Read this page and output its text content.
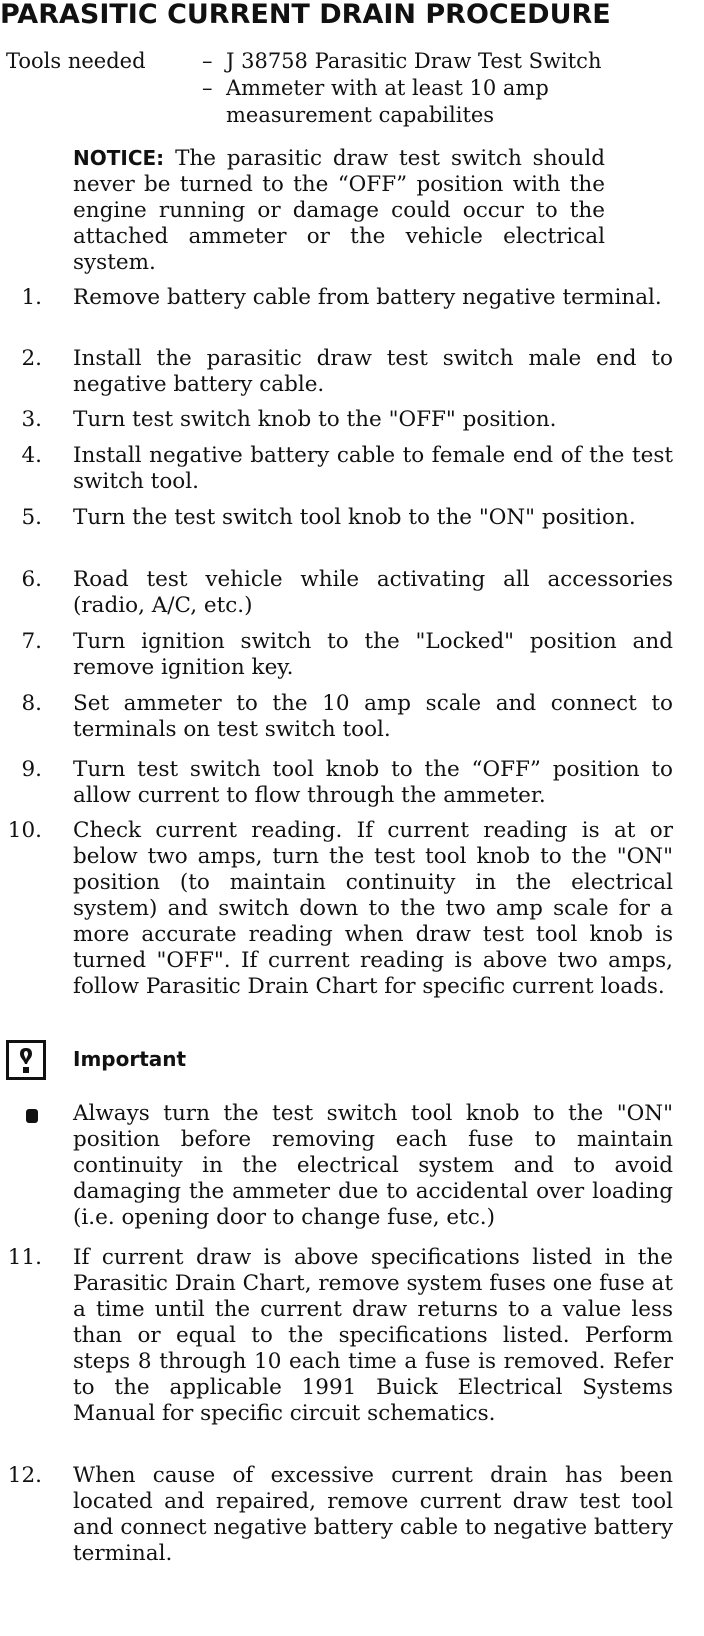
PARASITIC CURRENT DRAIN PROCEDURE
Tools needed	– J 38758 Parasitic Draw Test Switch
– Ammeter with at least 10 amp
measurement capabilites
NOTICE: The parasitic draw test switch should never be turned to the “OFF” position with the engine running or damage could occur to the attached ammeter or the vehicle electrical system.
1. Remove battery cable from battery negative terminal.
2. Install the parasitic draw test switch male end to negative battery cable.
3. Turn test switch knob to the "OFF" position.
4. Install negative battery cable to female end of the test switch tool.
5. Turn the test switch tool knob to the "ON" position.
6. Road test vehicle while activating all accessories (radio, A/C, etc.)
7. Turn ignition switch to the "Locked" position and remove ignition key.
8. Set ammeter to the 10 amp scale and connect to terminals on test switch tool.
9. Turn test switch tool knob to the “OFF” position to allow current to flow through the ammeter.
10. Check current reading. If current reading is at or below two amps, turn the test tool knob to the "ON" position (to maintain continuity in the electrical system) and switch down to the two amp scale for a more accurate reading when draw test tool knob is turned "OFF". If current reading is above two amps, follow Parasitic Drain Chart for specific current loads.
Important
Always turn the test switch tool knob to the "ON" position before removing each fuse to maintain continuity in the electrical system and to avoid damaging the ammeter due to accidental over loading (i.e. opening door to change fuse, etc.)
11. If current draw is above specifications listed in the Parasitic Drain Chart, remove system fuses one fuse at a time until the current draw returns to a value less than or equal to the specifications listed. Perform steps 8 through 10 each time a fuse is removed. Refer to the applicable 1991 Buick Electrical Systems Manual for specific circuit schematics.
12. When cause of excessive current drain has been located and repaired, remove current draw test tool and connect negative battery cable to negative battery terminal.
